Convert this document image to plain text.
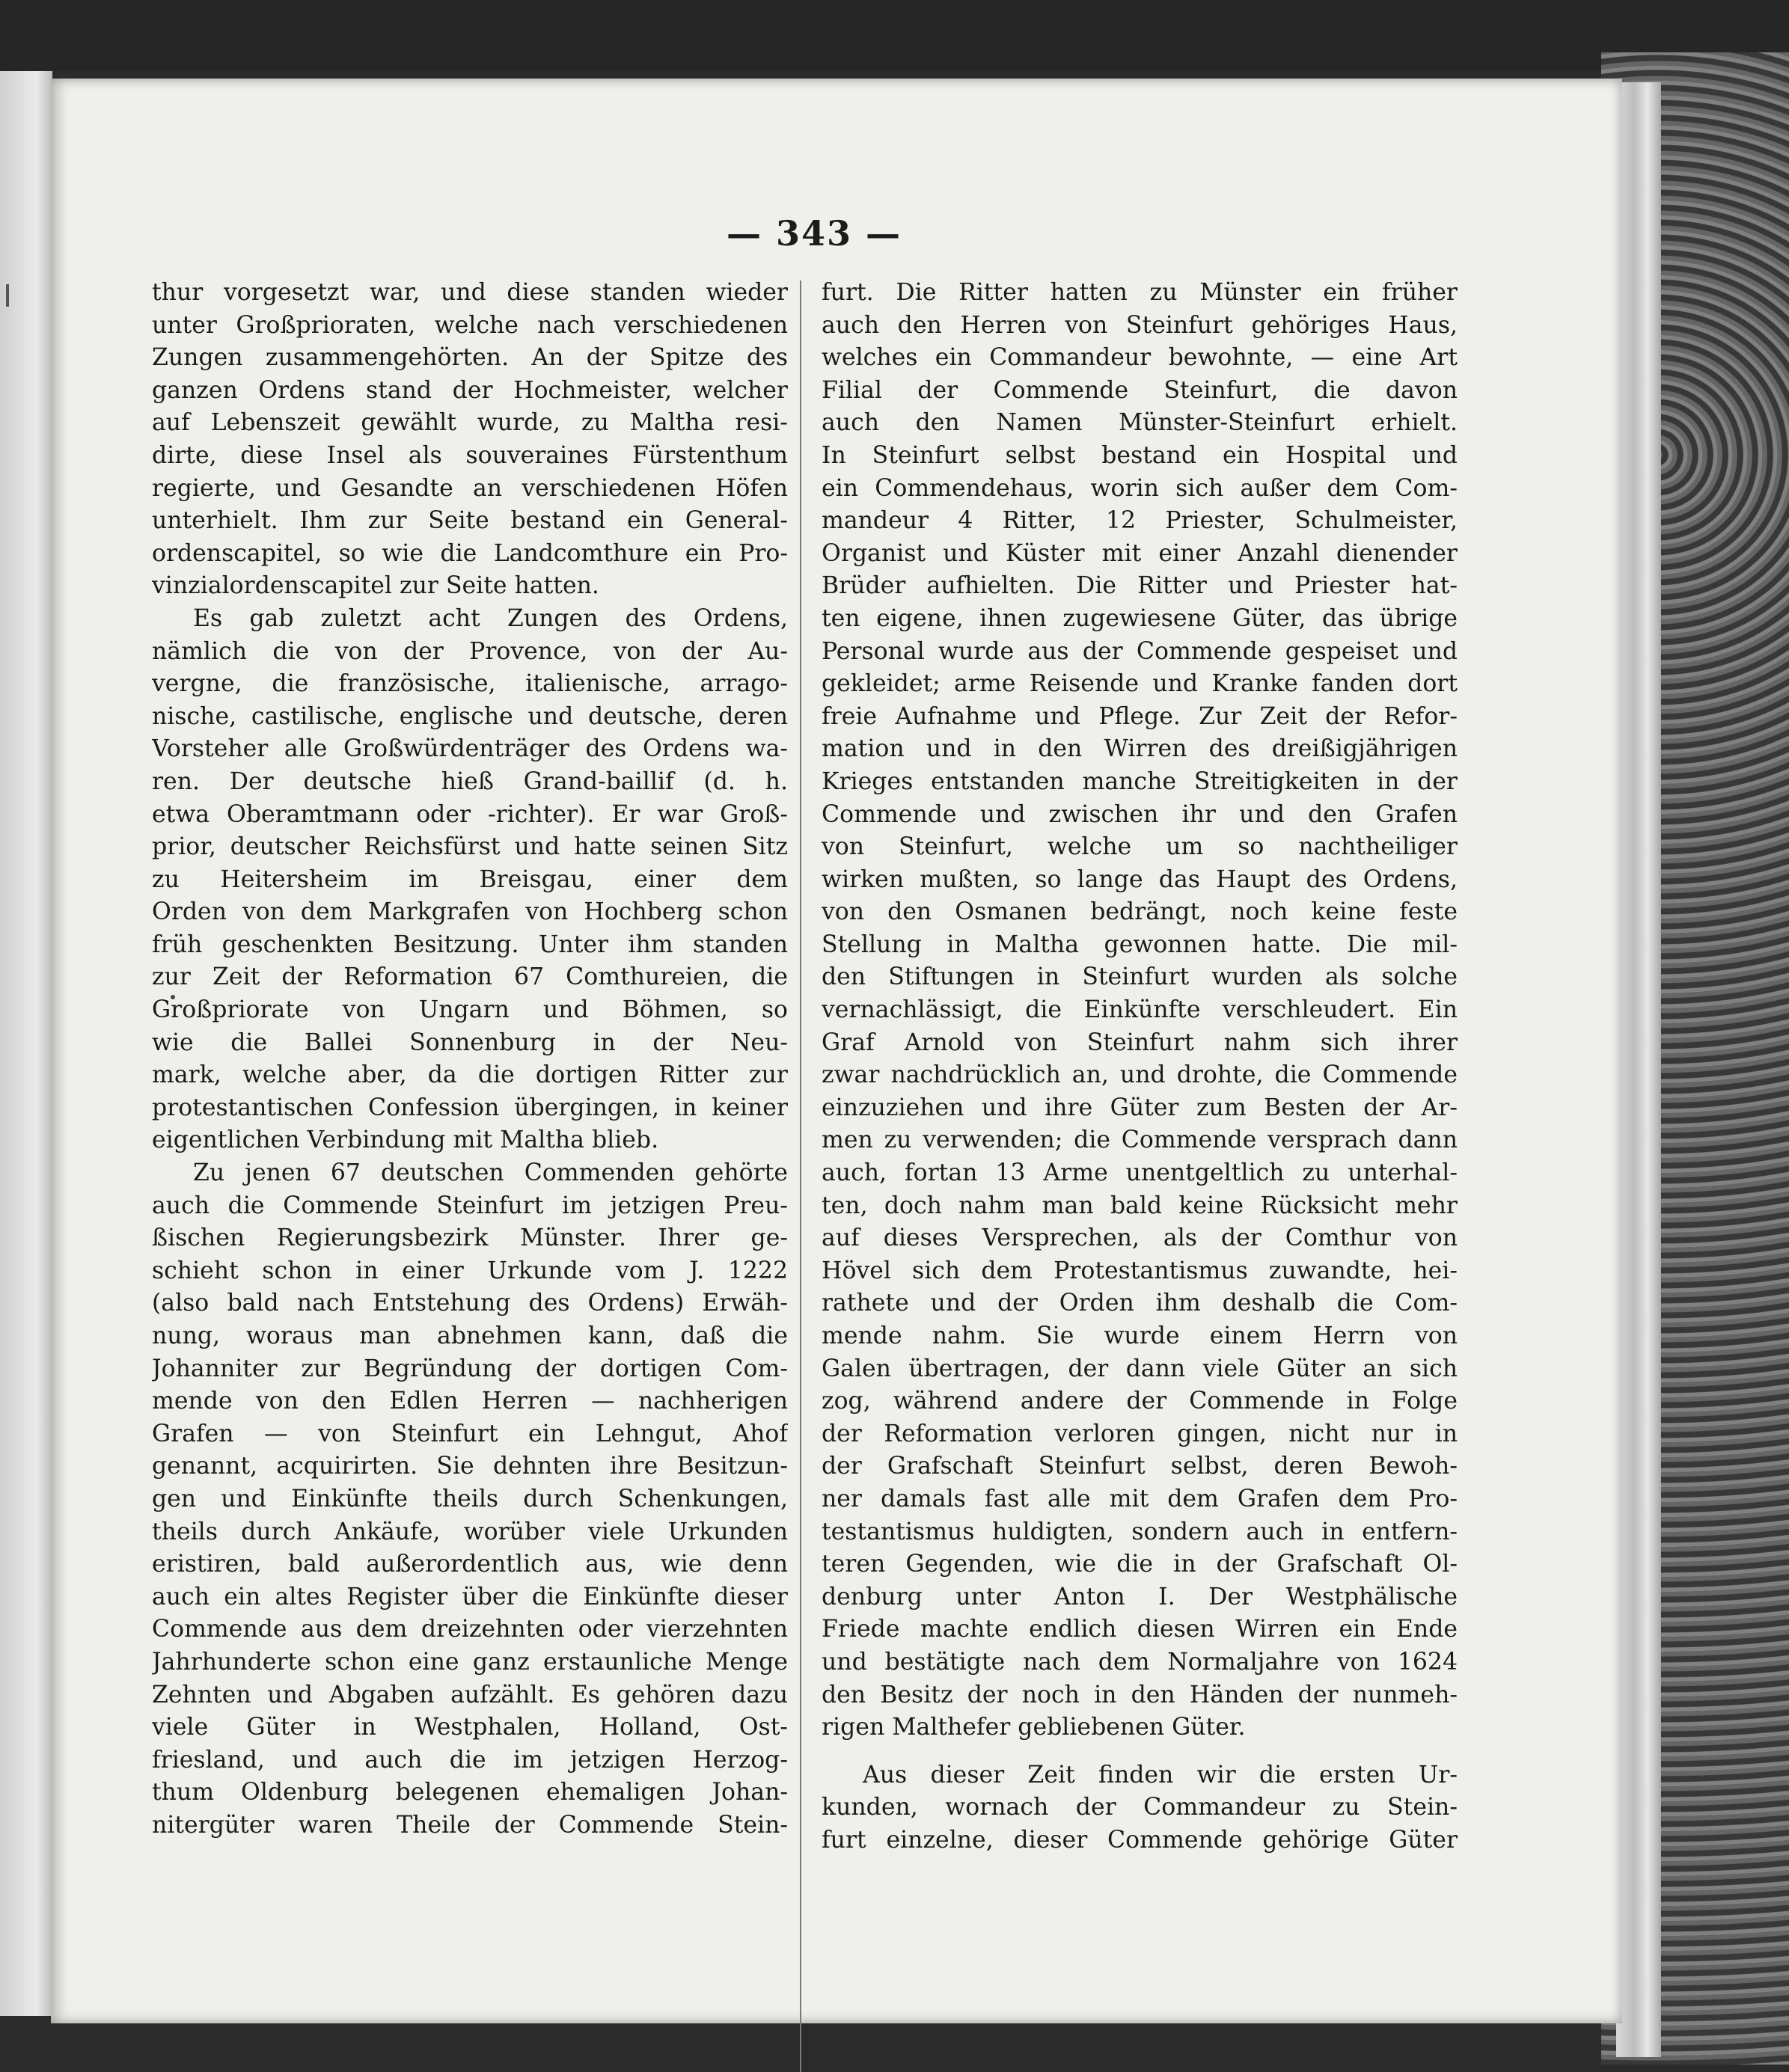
— 343 —
thur vorgesetzt war, und diese standen wieder
unter Großprioraten, welche nach verschiedenen
Zungen zusammengehörten. An der Spitze des
ganzen Ordens stand der Hochmeister, welcher
auf Lebenszeit gewählt wurde, zu Maltha resi-
dirte, diese Insel als souveraines Fürstenthum
regierte, und Gesandte an verschiedenen Höfen
unterhielt. Ihm zur Seite bestand ein General-
ordenscapitel, so wie die Landcomthure ein Pro-
vinzialordenscapitel zur Seite hatten.
Es gab zuletzt acht Zungen des Ordens,
nämlich die von der Provence, von der Au-
vergne, die französische, italienische, arrago-
nische, castilische, englische und deutsche, deren
Vorsteher alle Großwürdenträger des Ordens wa-
ren. Der deutsche hieß Grand-baillif (d. h.
etwa Oberamtmann oder -richter). Er war Groß-
prior, deutscher Reichsfürst und hatte seinen Sitz
zu Heitersheim im Breisgau, einer dem
Orden von dem Markgrafen von Hochberg schon
früh geschenkten Besitzung. Unter ihm standen
zur Zeit der Reformation 67 Comthureien, die
Großpriorate von Ungarn und Böhmen, so
wie die Ballei Sonnenburg in der Neu-
mark, welche aber, da die dortigen Ritter zur
protestantischen Confession übergingen, in keiner
eigentlichen Verbindung mit Maltha blieb.
Zu jenen 67 deutschen Commenden gehörte
auch die Commende Steinfurt im jetzigen Preu-
ßischen Regierungsbezirk Münster. Ihrer ge-
schieht schon in einer Urkunde vom J. 1222
(also bald nach Entstehung des Ordens) Erwäh-
nung, woraus man abnehmen kann, daß die
Johanniter zur Begründung der dortigen Com-
mende von den Edlen Herren — nachherigen
Grafen — von Steinfurt ein Lehngut, Ahof
genannt, acquirirten. Sie dehnten ihre Besitzun-
gen und Einkünfte theils durch Schenkungen,
theils durch Ankäufe, worüber viele Urkunden
eristiren, bald außerordentlich aus, wie denn
auch ein altes Register über die Einkünfte dieser
Commende aus dem dreizehnten oder vierzehnten
Jahrhunderte schon eine ganz erstaunliche Menge
Zehnten und Abgaben aufzählt. Es gehören dazu
viele Güter in Westphalen, Holland, Ost-
friesland, und auch die im jetzigen Herzog-
thum Oldenburg belegenen ehemaligen Johan-
nitergüter waren Theile der Commende Stein-
furt. Die Ritter hatten zu Münster ein früher
auch den Herren von Steinfurt gehöriges Haus,
welches ein Commandeur bewohnte, — eine Art
Filial der Commende Steinfurt, die davon
auch den Namen Münster-Steinfurt erhielt.
In Steinfurt selbst bestand ein Hospital und
ein Commendehaus, worin sich außer dem Com-
mandeur 4 Ritter, 12 Priester, Schulmeister,
Organist und Küster mit einer Anzahl dienender
Brüder aufhielten. Die Ritter und Priester hat-
ten eigene, ihnen zugewiesene Güter, das übrige
Personal wurde aus der Commende gespeiset und
gekleidet; arme Reisende und Kranke fanden dort
freie Aufnahme und Pflege. Zur Zeit der Refor-
mation und in den Wirren des dreißigjährigen
Krieges entstanden manche Streitigkeiten in der
Commende und zwischen ihr und den Grafen
von Steinfurt, welche um so nachtheiliger
wirken mußten, so lange das Haupt des Ordens,
von den Osmanen bedrängt, noch keine feste
Stellung in Maltha gewonnen hatte. Die mil-
den Stiftungen in Steinfurt wurden als solche
vernachlässigt, die Einkünfte verschleudert. Ein
Graf Arnold von Steinfurt nahm sich ihrer
zwar nachdrücklich an, und drohte, die Commende
einzuziehen und ihre Güter zum Besten der Ar-
men zu verwenden; die Commende versprach dann
auch, fortan 13 Arme unentgeltlich zu unterhal-
ten, doch nahm man bald keine Rücksicht mehr
auf dieses Versprechen, als der Comthur von
Hövel sich dem Protestantismus zuwandte, hei-
rathete und der Orden ihm deshalb die Com-
mende nahm. Sie wurde einem Herrn von
Galen übertragen, der dann viele Güter an sich
zog, während andere der Commende in Folge
der Reformation verloren gingen, nicht nur in
der Grafschaft Steinfurt selbst, deren Bewoh-
ner damals fast alle mit dem Grafen dem Pro-
testantismus huldigten, sondern auch in entfern-
teren Gegenden, wie die in der Grafschaft Ol-
denburg unter Anton I. Der Westphälische
Friede machte endlich diesen Wirren ein Ende
und bestätigte nach dem Normaljahre von 1624
den Besitz der noch in den Händen der nunmeh-
rigen Malthefer gebliebenen Güter.
Aus dieser Zeit finden wir die ersten Ur-
kunden, wornach der Commandeur zu Stein-
furt einzelne, dieser Commende gehörige Güter
